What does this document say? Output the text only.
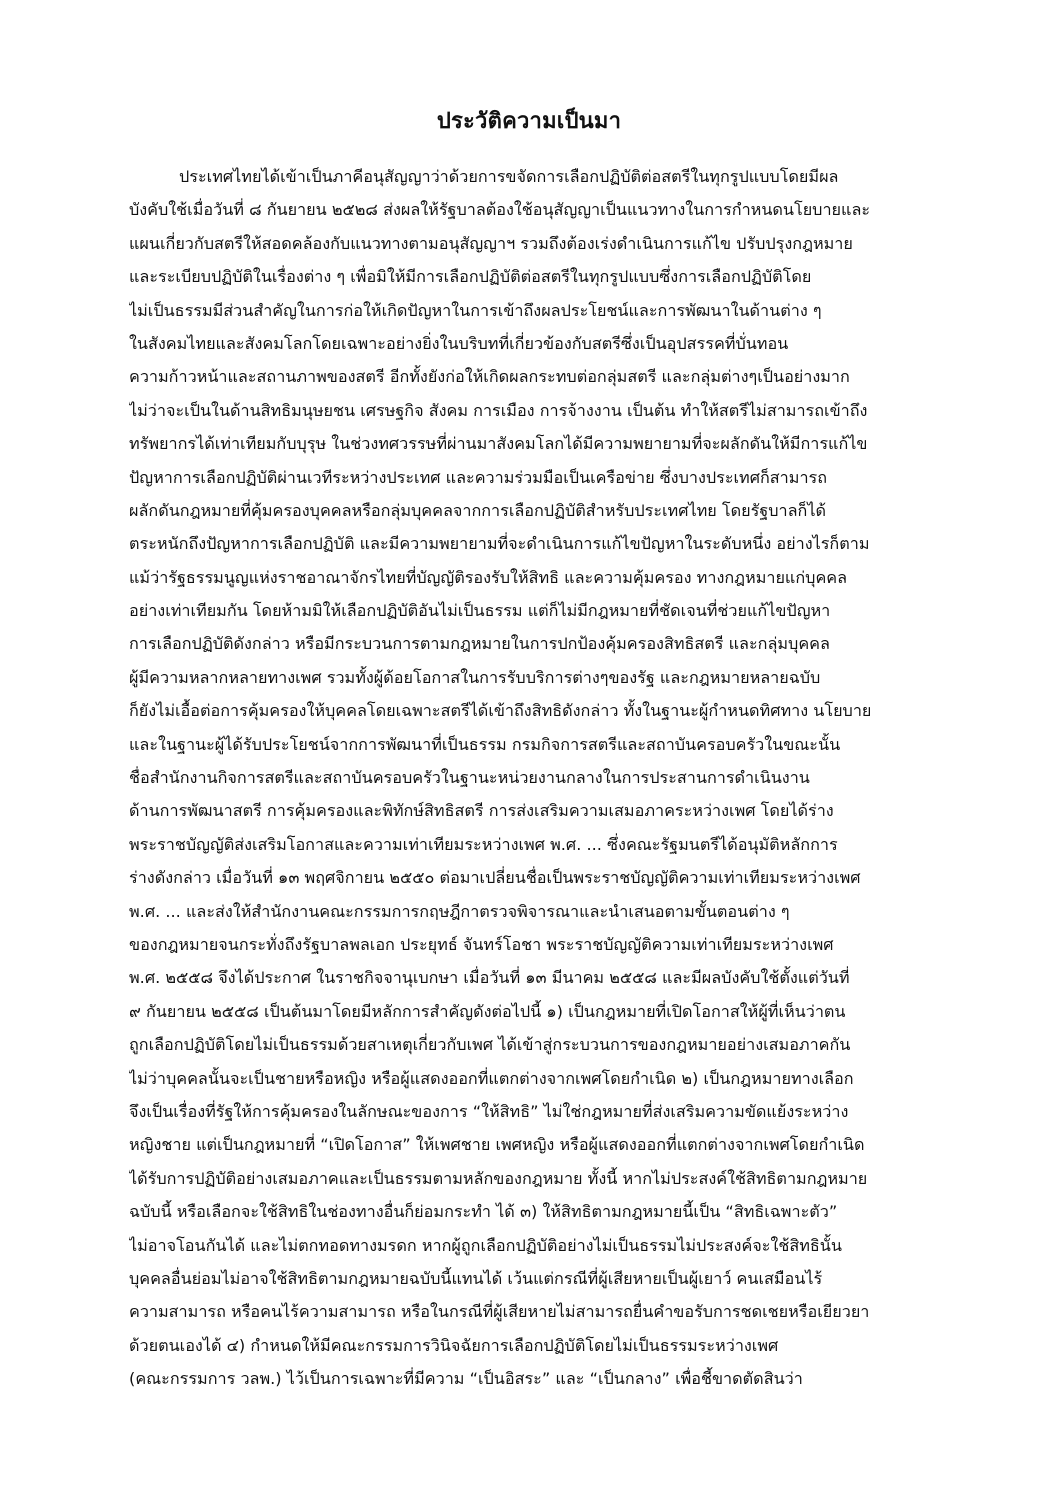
ประวัติความเป็นมา
ประเทศไทยได้เข้าเป็นภาคีอนุสัญญาว่าด้วยการขจัดการเลือกปฏิบัติต่อสตรีในทุกรูปแบบโดยมีผล
บังคับใช้เมื่อวันที่ ๘ กันยายน ๒๕๒๘ ส่งผลให้รัฐบาลต้องใช้อนุสัญญาเป็นแนวทางในการกำหนดนโยบายและ
แผนเกี่ยวกับสตรีให้สอดคล้องกับแนวทางตามอนุสัญญาฯ รวมถึงต้องเร่งดำเนินการแก้ไข ปรับปรุงกฎหมาย
และระเบียบปฏิบัติในเรื่องต่าง ๆ เพื่อมิให้มีการเลือกปฏิบัติต่อสตรีในทุกรูปแบบซึ่งการเลือกปฏิบัติโดย
ไม่เป็นธรรมมีส่วนสำคัญในการก่อให้เกิดปัญหาในการเข้าถึงผลประโยชน์และการพัฒนาในด้านต่าง ๆ
ในสังคมไทยและสังคมโลกโดยเฉพาะอย่างยิ่งในบริบทที่เกี่ยวข้องกับสตรีซึ่งเป็นอุปสรรคที่บั่นทอน
ความก้าวหน้าและสถานภาพของสตรี อีกทั้งยังก่อให้เกิดผลกระทบต่อกลุ่มสตรี และกลุ่มต่างๆเป็นอย่างมาก
ไม่ว่าจะเป็นในด้านสิทธิมนุษยชน เศรษฐกิจ สังคม การเมือง การจ้างงาน เป็นต้น ทำให้สตรีไม่สามารถเข้าถึง
ทรัพยากรได้เท่าเทียมกับบุรุษ ในช่วงทศวรรษที่ผ่านมาสังคมโลกได้มีความพยายามที่จะผลักดันให้มีการแก้ไข
ปัญหาการเลือกปฏิบัติผ่านเวทีระหว่างประเทศ และความร่วมมือเป็นเครือข่าย ซึ่งบางประเทศก็สามารถ
ผลักดันกฎหมายที่คุ้มครองบุคคลหรือกลุ่มบุคคลจากการเลือกปฏิบัติสำหรับประเทศไทย โดยรัฐบาลก็ได้
ตระหนักถึงปัญหาการเลือกปฏิบัติ และมีความพยายามที่จะดำเนินการแก้ไขปัญหาในระดับหนึ่ง อย่างไรก็ตาม
แม้ว่ารัฐธรรมนูญแห่งราชอาณาจักรไทยที่บัญญัติรองรับให้สิทธิ และความคุ้มครอง ทางกฎหมายแก่บุคคล
อย่างเท่าเทียมกัน โดยห้ามมิให้เลือกปฏิบัติอันไม่เป็นธรรม แต่ก็ไม่มีกฎหมายที่ชัดเจนที่ช่วยแก้ไขปัญหา
การเลือกปฏิบัติดังกล่าว หรือมีกระบวนการตามกฎหมายในการปกป้องคุ้มครองสิทธิสตรี และกลุ่มบุคคล
ผู้มีความหลากหลายทางเพศ รวมทั้งผู้ด้อยโอกาสในการรับบริการต่างๆของรัฐ และกฎหมายหลายฉบับ
ก็ยังไม่เอื้อต่อการคุ้มครองให้บุคคลโดยเฉพาะสตรีได้เข้าถึงสิทธิดังกล่าว ทั้งในฐานะผู้กำหนดทิศทาง นโยบาย
และในฐานะผู้ได้รับประโยชน์จากการพัฒนาที่เป็นธรรม กรมกิจการสตรีและสถาบันครอบครัวในขณะนั้น
ชื่อสำนักงานกิจการสตรีและสถาบันครอบครัวในฐานะหน่วยงานกลางในการประสานการดำเนินงาน
ด้านการพัฒนาสตรี การคุ้มครองและพิทักษ์สิทธิสตรี การส่งเสริมความเสมอภาคระหว่างเพศ โดยได้ร่าง
พระราชบัญญัติส่งเสริมโอกาสและความเท่าเทียมระหว่างเพศ พ.ศ. ... ซึ่งคณะรัฐมนตรีได้อนุมัติหลักการ
ร่างดังกล่าว เมื่อวันที่ ๑๓ พฤศจิกายน ๒๕๕๐ ต่อมาเปลี่ยนชื่อเป็นพระราชบัญญัติความเท่าเทียมระหว่างเพศ
พ.ศ. ... และส่งให้สำนักงานคณะกรรมการกฤษฎีกาตรวจพิจารณาและนำเสนอตามขั้นตอนต่าง ๆ
ของกฎหมายจนกระทั่งถึงรัฐบาลพลเอก ประยุทธ์ จันทร์โอชา พระราชบัญญัติความเท่าเทียมระหว่างเพศ
พ.ศ. ๒๕๕๘ จึงได้ประกาศ ในราชกิจจานุเบกษา เมื่อวันที่ ๑๓ มีนาคม ๒๕๕๘ และมีผลบังคับใช้ตั้งแต่วันที่
๙ กันยายน ๒๕๕๘ เป็นต้นมาโดยมีหลักการสำคัญดังต่อไปนี้ ๑) เป็นกฎหมายที่เปิดโอกาสให้ผู้ที่เห็นว่าตน
ถูกเลือกปฏิบัติโดยไม่เป็นธรรมด้วยสาเหตุเกี่ยวกับเพศ ได้เข้าสู่กระบวนการของกฎหมายอย่างเสมอภาคกัน
ไม่ว่าบุคคลนั้นจะเป็นชายหรือหญิง หรือผู้แสดงออกที่แตกต่างจากเพศโดยกำเนิด ๒) เป็นกฎหมายทางเลือก
จึงเป็นเรื่องที่รัฐให้การคุ้มครองในลักษณะของการ “ให้สิทธิ” ไม่ใช่กฎหมายที่ส่งเสริมความขัดแย้งระหว่าง
หญิงชาย แต่เป็นกฎหมายที่ “เปิดโอกาส” ให้เพศชาย เพศหญิง หรือผู้แสดงออกที่แตกต่างจากเพศโดยกำเนิด
ได้รับการปฏิบัติอย่างเสมอภาคและเป็นธรรมตามหลักของกฎหมาย ทั้งนี้ หากไม่ประสงค์ใช้สิทธิตามกฎหมาย
ฉบับนี้ หรือเลือกจะใช้สิทธิในช่องทางอื่นก็ย่อมกระทำ ได้ ๓) ให้สิทธิตามกฎหมายนี้เป็น “สิทธิเฉพาะตัว”
ไม่อาจโอนกันได้ และไม่ตกทอดทางมรดก หากผู้ถูกเลือกปฏิบัติอย่างไม่เป็นธรรมไม่ประสงค์จะใช้สิทธินั้น
บุคคลอื่นย่อมไม่อาจใช้สิทธิตามกฎหมายฉบับนี้แทนได้ เว้นแต่กรณีที่ผู้เสียหายเป็นผู้เยาว์ คนเสมือนไร้
ความสามารถ หรือคนไร้ความสามารถ หรือในกรณีที่ผู้เสียหายไม่สามารถยื่นคำขอรับการชดเชยหรือเยียวยา
ด้วยตนเองได้ ๔) กำหนดให้มีคณะกรรมการวินิจฉัยการเลือกปฏิบัติโดยไม่เป็นธรรมระหว่างเพศ
(คณะกรรมการ วลพ.) ไว้เป็นการเฉพาะที่มีความ “เป็นอิสระ” และ “เป็นกลาง” เพื่อชี้ขาดตัดสินว่า
